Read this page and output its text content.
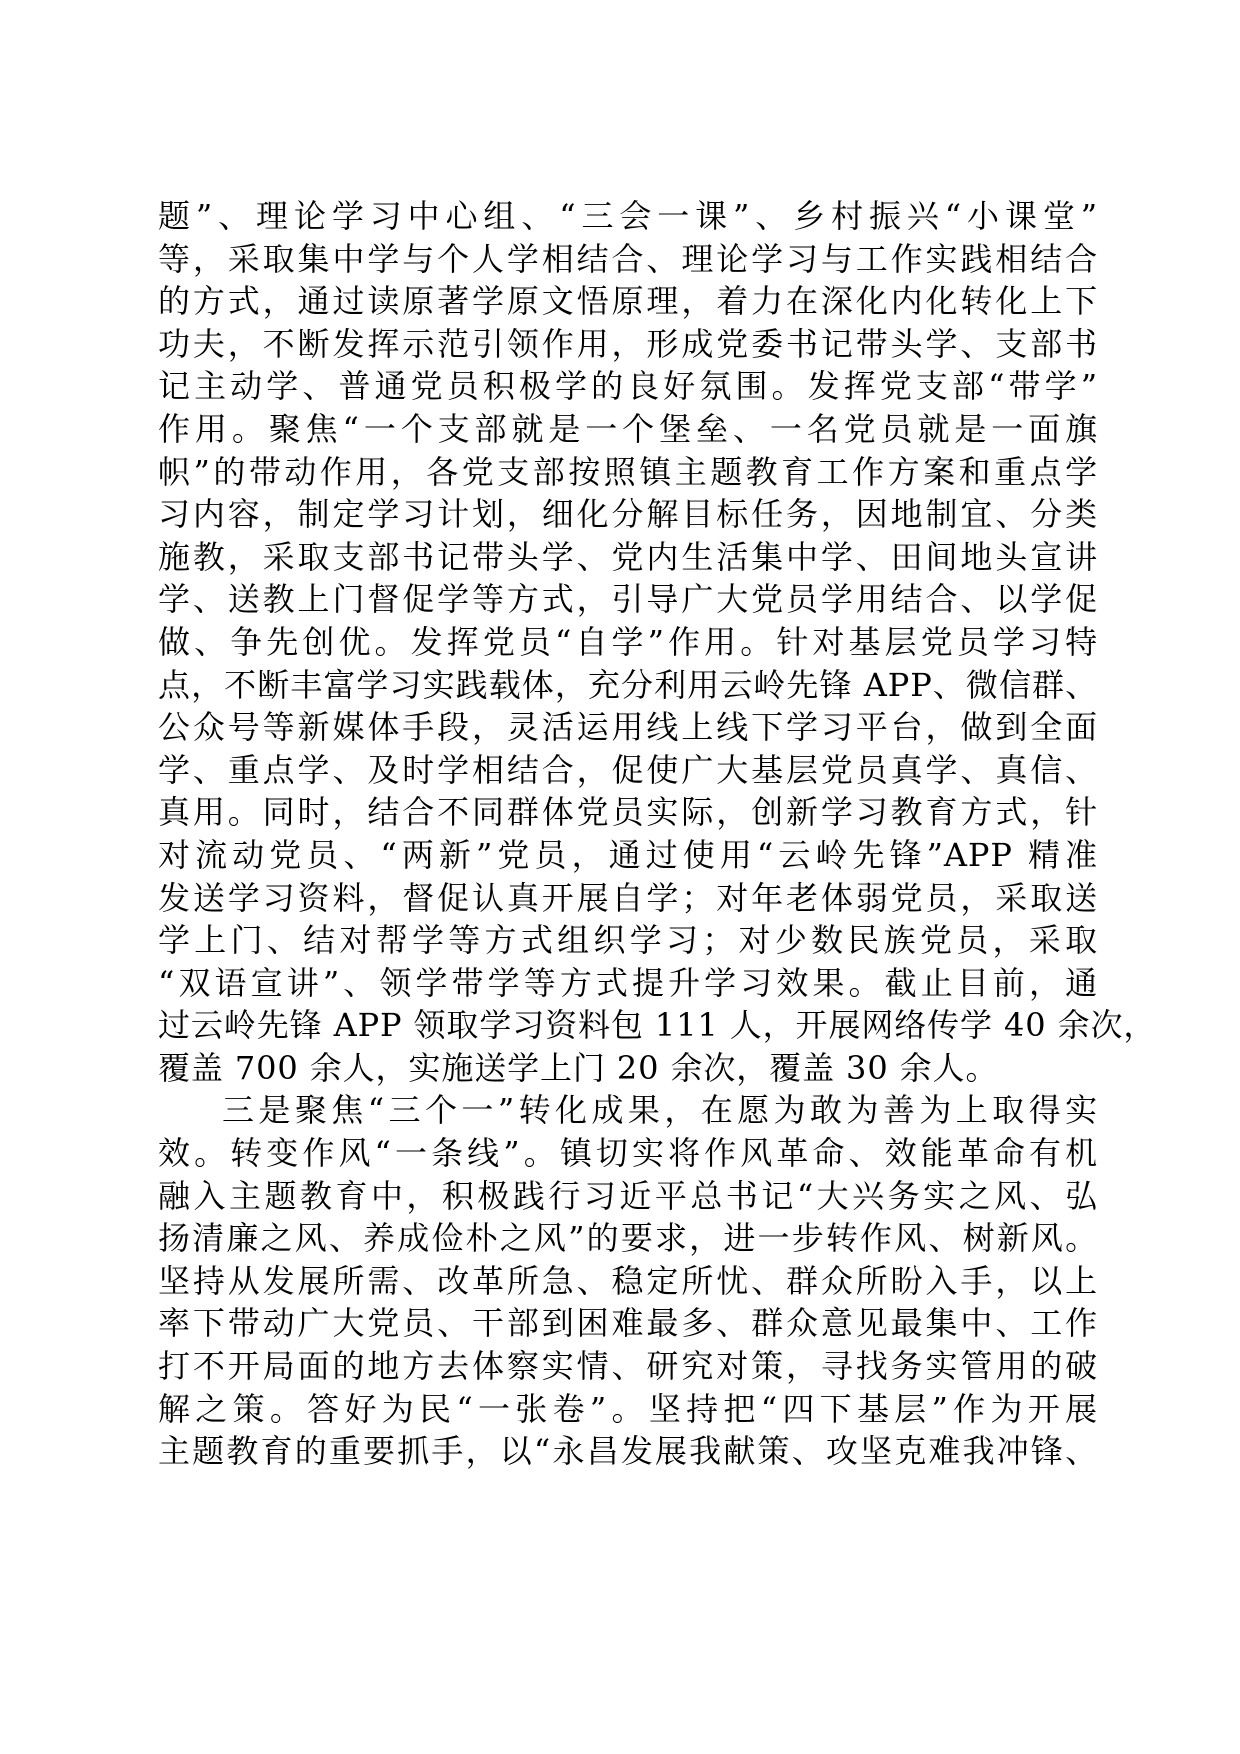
题”、理论学习中心组、“三会一课”、乡村振兴“小课堂”
等，采取集中学与个人学相结合、理论学习与工作实践相结合
的方式，通过读原著学原文悟原理，着力在深化内化转化上下
功夫，不断发挥示范引领作用，形成党委书记带头学、支部书
记主动学、普通党员积极学的良好氛围。发挥党支部“带学”
作用。聚焦“一个支部就是一个堡垒、一名党员就是一面旗
帜”的带动作用，各党支部按照镇主题教育工作方案和重点学
习内容，制定学习计划，细化分解目标任务，因地制宜、分类
施教，采取支部书记带头学、党内生活集中学、田间地头宣讲
学、送教上门督促学等方式，引导广大党员学用结合、以学促
做、争先创优。发挥党员“自学”作用。针对基层党员学习特
点，不断丰富学习实践载体，充分利用云岭先锋 APP、微信群、
公众号等新媒体手段，灵活运用线上线下学习平台，做到全面
学、重点学、及时学相结合，促使广大基层党员真学、真信、
真用。同时，结合不同群体党员实际，创新学习教育方式，针
对流动党员、“两新”党员，通过使用“云岭先锋”APP 精准
发送学习资料，督促认真开展自学；对年老体弱党员，采取送
学上门、结对帮学等方式组织学习；对少数民族党员，采取
“双语宣讲”、领学带学等方式提升学习效果。截止目前，通
过云岭先锋 APP 领取学习资料包 111 人，开展网络传学 40 余次，
覆盖 700 余人，实施送学上门 20 余次，覆盖 30 余人。
三是聚焦“三个一”转化成果，在愿为敢为善为上取得实
效。转变作风“一条线”。镇切实将作风革命、效能革命有机
融入主题教育中，积极践行习近平总书记“大兴务实之风、弘
扬清廉之风、养成俭朴之风”的要求，进一步转作风、树新风。
坚持从发展所需、改革所急、稳定所忧、群众所盼入手，以上
率下带动广大党员、干部到困难最多、群众意见最集中、工作
打不开局面的地方去体察实情、研究对策，寻找务实管用的破
解之策。答好为民“一张卷”。坚持把“四下基层”作为开展
主题教育的重要抓手，以“永昌发展我献策、攻坚克难我冲锋、
